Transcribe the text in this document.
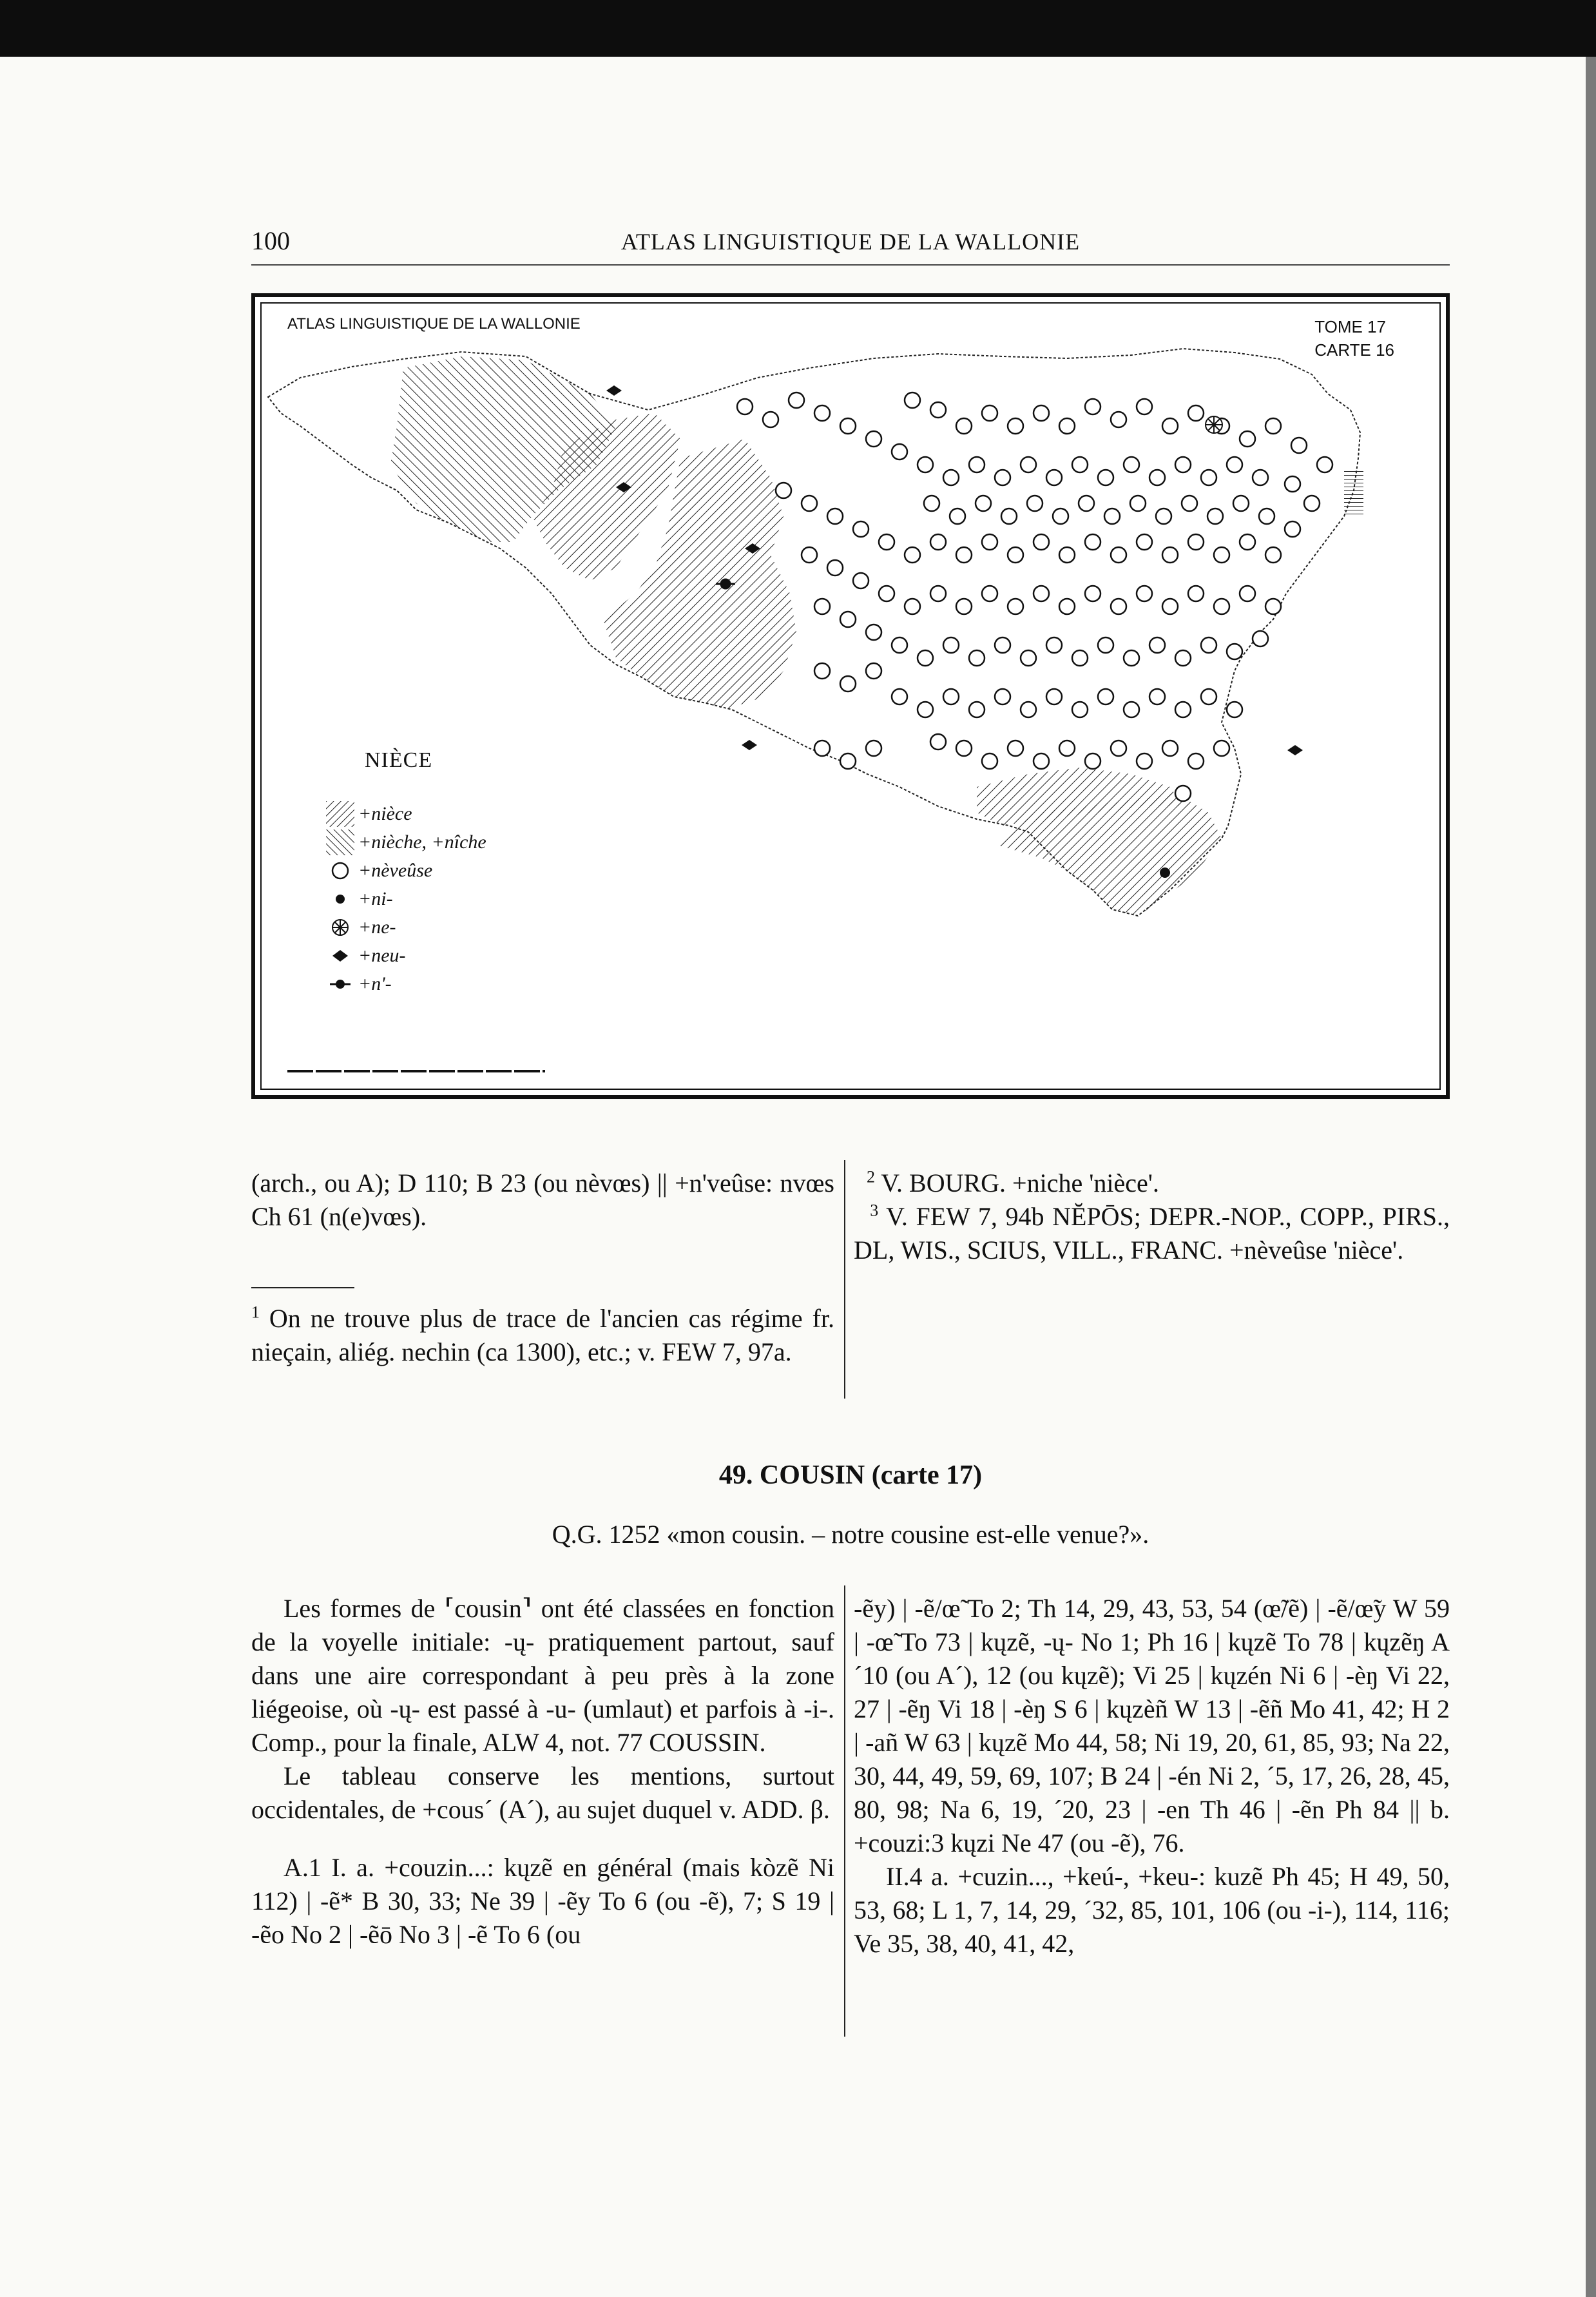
100	ATLAS LINGUISTIQUE DE LA WALLONIE
ATLAS LINGUISTIQUE DE LA WALLONIE	TOME 17
CARTE 16
NIÈCE
+nièce
+nièche, +nîche
+nèveûse
+ni-
+ne-
+neu-
+n'-
(arch., ou A); D 110; B 23 (ou nèvœs) || +n'veûse: nvœs Ch 61 (n(e)vœs).
$^1$ On ne trouve plus de trace de l'ancien cas régime fr. nieçain, aliég. nechin (ca 1300), etc.; v. FEW 7, 97a.
$^2$ V. BOURG. +niche 'nièce'.
$^3$ V. FEW 7, 94b NĔPŌS; DEPR.-NOP., COPP., PIRS., DL, WIS., SCIUS, VILL., FRANC. +nèveûse 'nièce'.
49. COUSIN (carte 17)
Q.G. 1252 «mon cousin. – notre cousine est-elle venue?».
Les formes de ⸢cousin⸣ ont été classées en fonction de la voyelle initiale: -ų- pratiquement partout, sauf dans une aire correspondant à peu près à la zone liégeoise, où -ų- est passé à -u- (umlaut) et parfois à -i-. Comp., pour la finale, ALW 4, not. 77 COUSSIN.
Le tableau conserve les mentions, surtout occidentales, de +cous´ (A´), au sujet duquel v. ADD. β.
A.1 I. a. +couzin...: kųzẽ en général (mais kòzẽ Ni 112) | -ẽ* B 30, 33; Ne 39 | -ẽy To 6 (ou -ẽ), 7; S 19 | -ẽo No 2 | -ẽō No 3 | -ẽ To 6 (ou
-ẽy) | -ẽ/œ̃ To 2; Th 14, 29, 43, 53, 54 (œ̃/ẽ) | -ẽ/œ̃y W 59 | -œ̃ To 73 | kųzẽ, -ų- No 1; Ph 16 | kųzẽ To 78 | kųzẽŋ A ´10 (ou A´), 12 (ou kųzẽ); Vi 25 | kųzén Ni 6 | -èŋ Vi 22, 27 | -ẽŋ Vi 18 | -èŋ S 6 | kųzèñ W 13 | -ẽñ Mo 41, 42; H 2 | -añ W 63 | kųzẽ Mo 44, 58; Ni 19, 20, 61, 85, 93; Na 22, 30, 44, 49, 59, 69, 107; B 24 | -én Ni 2, ´5, 17, 26, 28, 45, 80, 98; Na 6, 19, ´20, 23 | -en Th 46 | -ẽn Ph 84 || b. +couzi:3 kųzi Ne 47 (ou -ẽ), 76.
II.4 a. +cuzin..., +keú-, +keu-: kuzẽ Ph 45; H 49, 50, 53, 68; L 1, 7, 14, 29, ´32, 85, 101, 106 (ou -i-), 114, 116; Ve 35, 38, 40, 41, 42,
